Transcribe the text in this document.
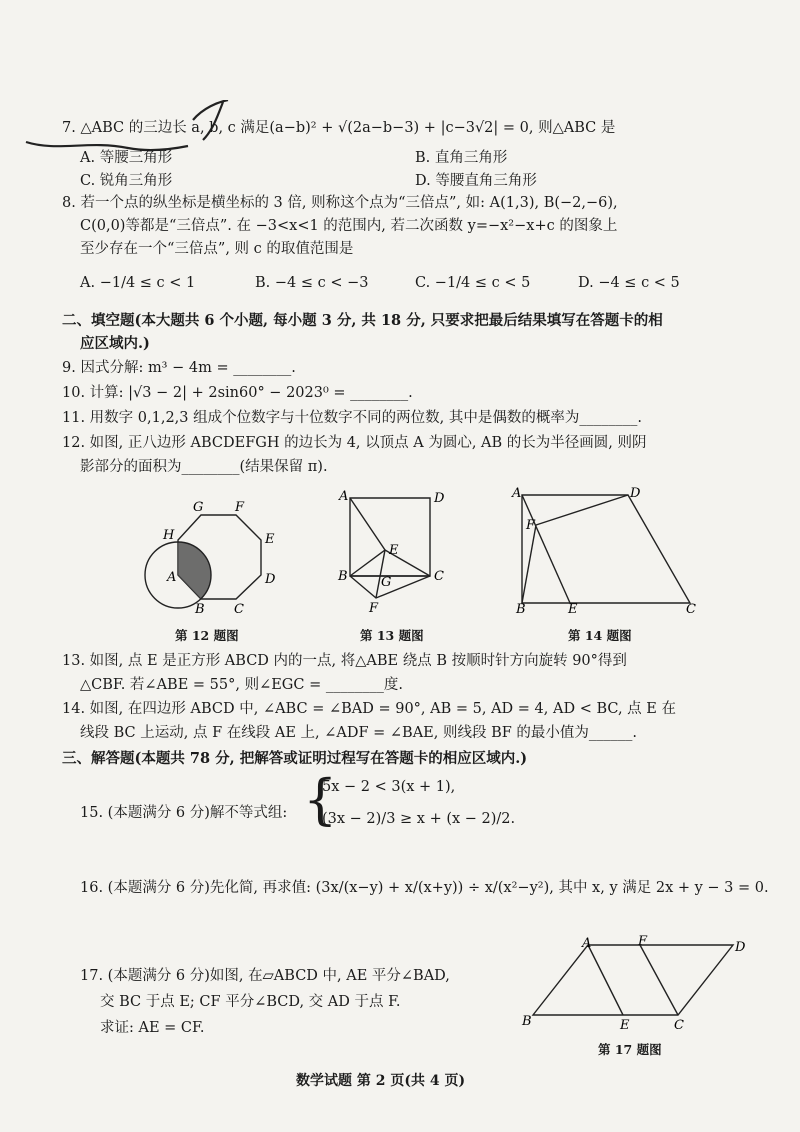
7. △ABC 的三边长 a, b, c 满足(a−b)² + √(2a−b−3) + |c−3√2| = 0, 则△ABC 是
A. 等腰三角形	B. 直角三角形
C. 锐角三角形	D. 等腰直角三角形
8. 若一个点的纵坐标是横坐标的 3 倍, 则称这个点为“三倍点”, 如: A(1,3), B(−2,−6),
C(0,0)等都是“三倍点”. 在 −3<x<1 的范围内, 若二次函数 y=−x²−x+c 的图象上
至少存在一个“三倍点”, 则 c 的取值范围是
A. −1/4 ≤ c < 1	B. −4 ≤ c < −3	C. −1/4 ≤ c < 5	D. −4 ≤ c < 5
二、填空题(本大题共 6 个小题, 每小题 3 分, 共 18 分, 只要求把最后结果填写在答题卡的相
应区域内.)
9. 因式分解: m³ − 4m = ________.
10. 计算: |√3 − 2| + 2sin60° − 2023⁰ = ________.
11. 用数字 0,1,2,3 组成个位数字与十位数字不同的两位数, 其中是偶数的概率为________.
12. 如图, 正八边形 ABCDEFGH 的边长为 4, 以顶点 A 为圆心, AB 的长为半径画圆, 则阴
影部分的面积为________(结果保留 π).
A
B C
D
E
F
G
H
A	D
B	C
E
G
F
A	D
F
B	E	C
第 12 题图	第 13 题图	第 14 题图
13. 如图, 点 E 是正方形 ABCD 内的一点, 将△ABE 绕点 B 按顺时针方向旋转 90°得到
△CBF. 若∠ABE = 55°, 则∠EGC = ________度.
14. 如图, 在四边形 ABCD 中, ∠ABC = ∠BAD = 90°, AB = 5, AD = 4, AD < BC, 点 E 在
线段 BC 上运动, 点 F 在线段 AE 上, ∠ADF = ∠BAE, 则线段 BF 的最小值为______.
三、解答题(本题共 78 分, 把解答或证明过程写在答题卡的相应区域内.)
15. (本题满分 6 分)解不等式组: {
5x − 2 < 3(x + 1),
(3x − 2)/3 ≥ x + (x − 2)/2.
16. (本题满分 6 分)先化简, 再求值: (3x/(x−y) + x/(x+y)) ÷ x/(x²−y²), 其中 x, y 满足 2x + y − 3 = 0.
17. (本题满分 6 分)如图, 在▱ABCD 中, AE 平分∠BAD,
交 BC 于点 E; CF 平分∠BCD, 交 AD 于点 F.
求证: AE = CF.
A	F	D
B	E	C
第 17 题图
数学试题 第 2 页(共 4 页)
